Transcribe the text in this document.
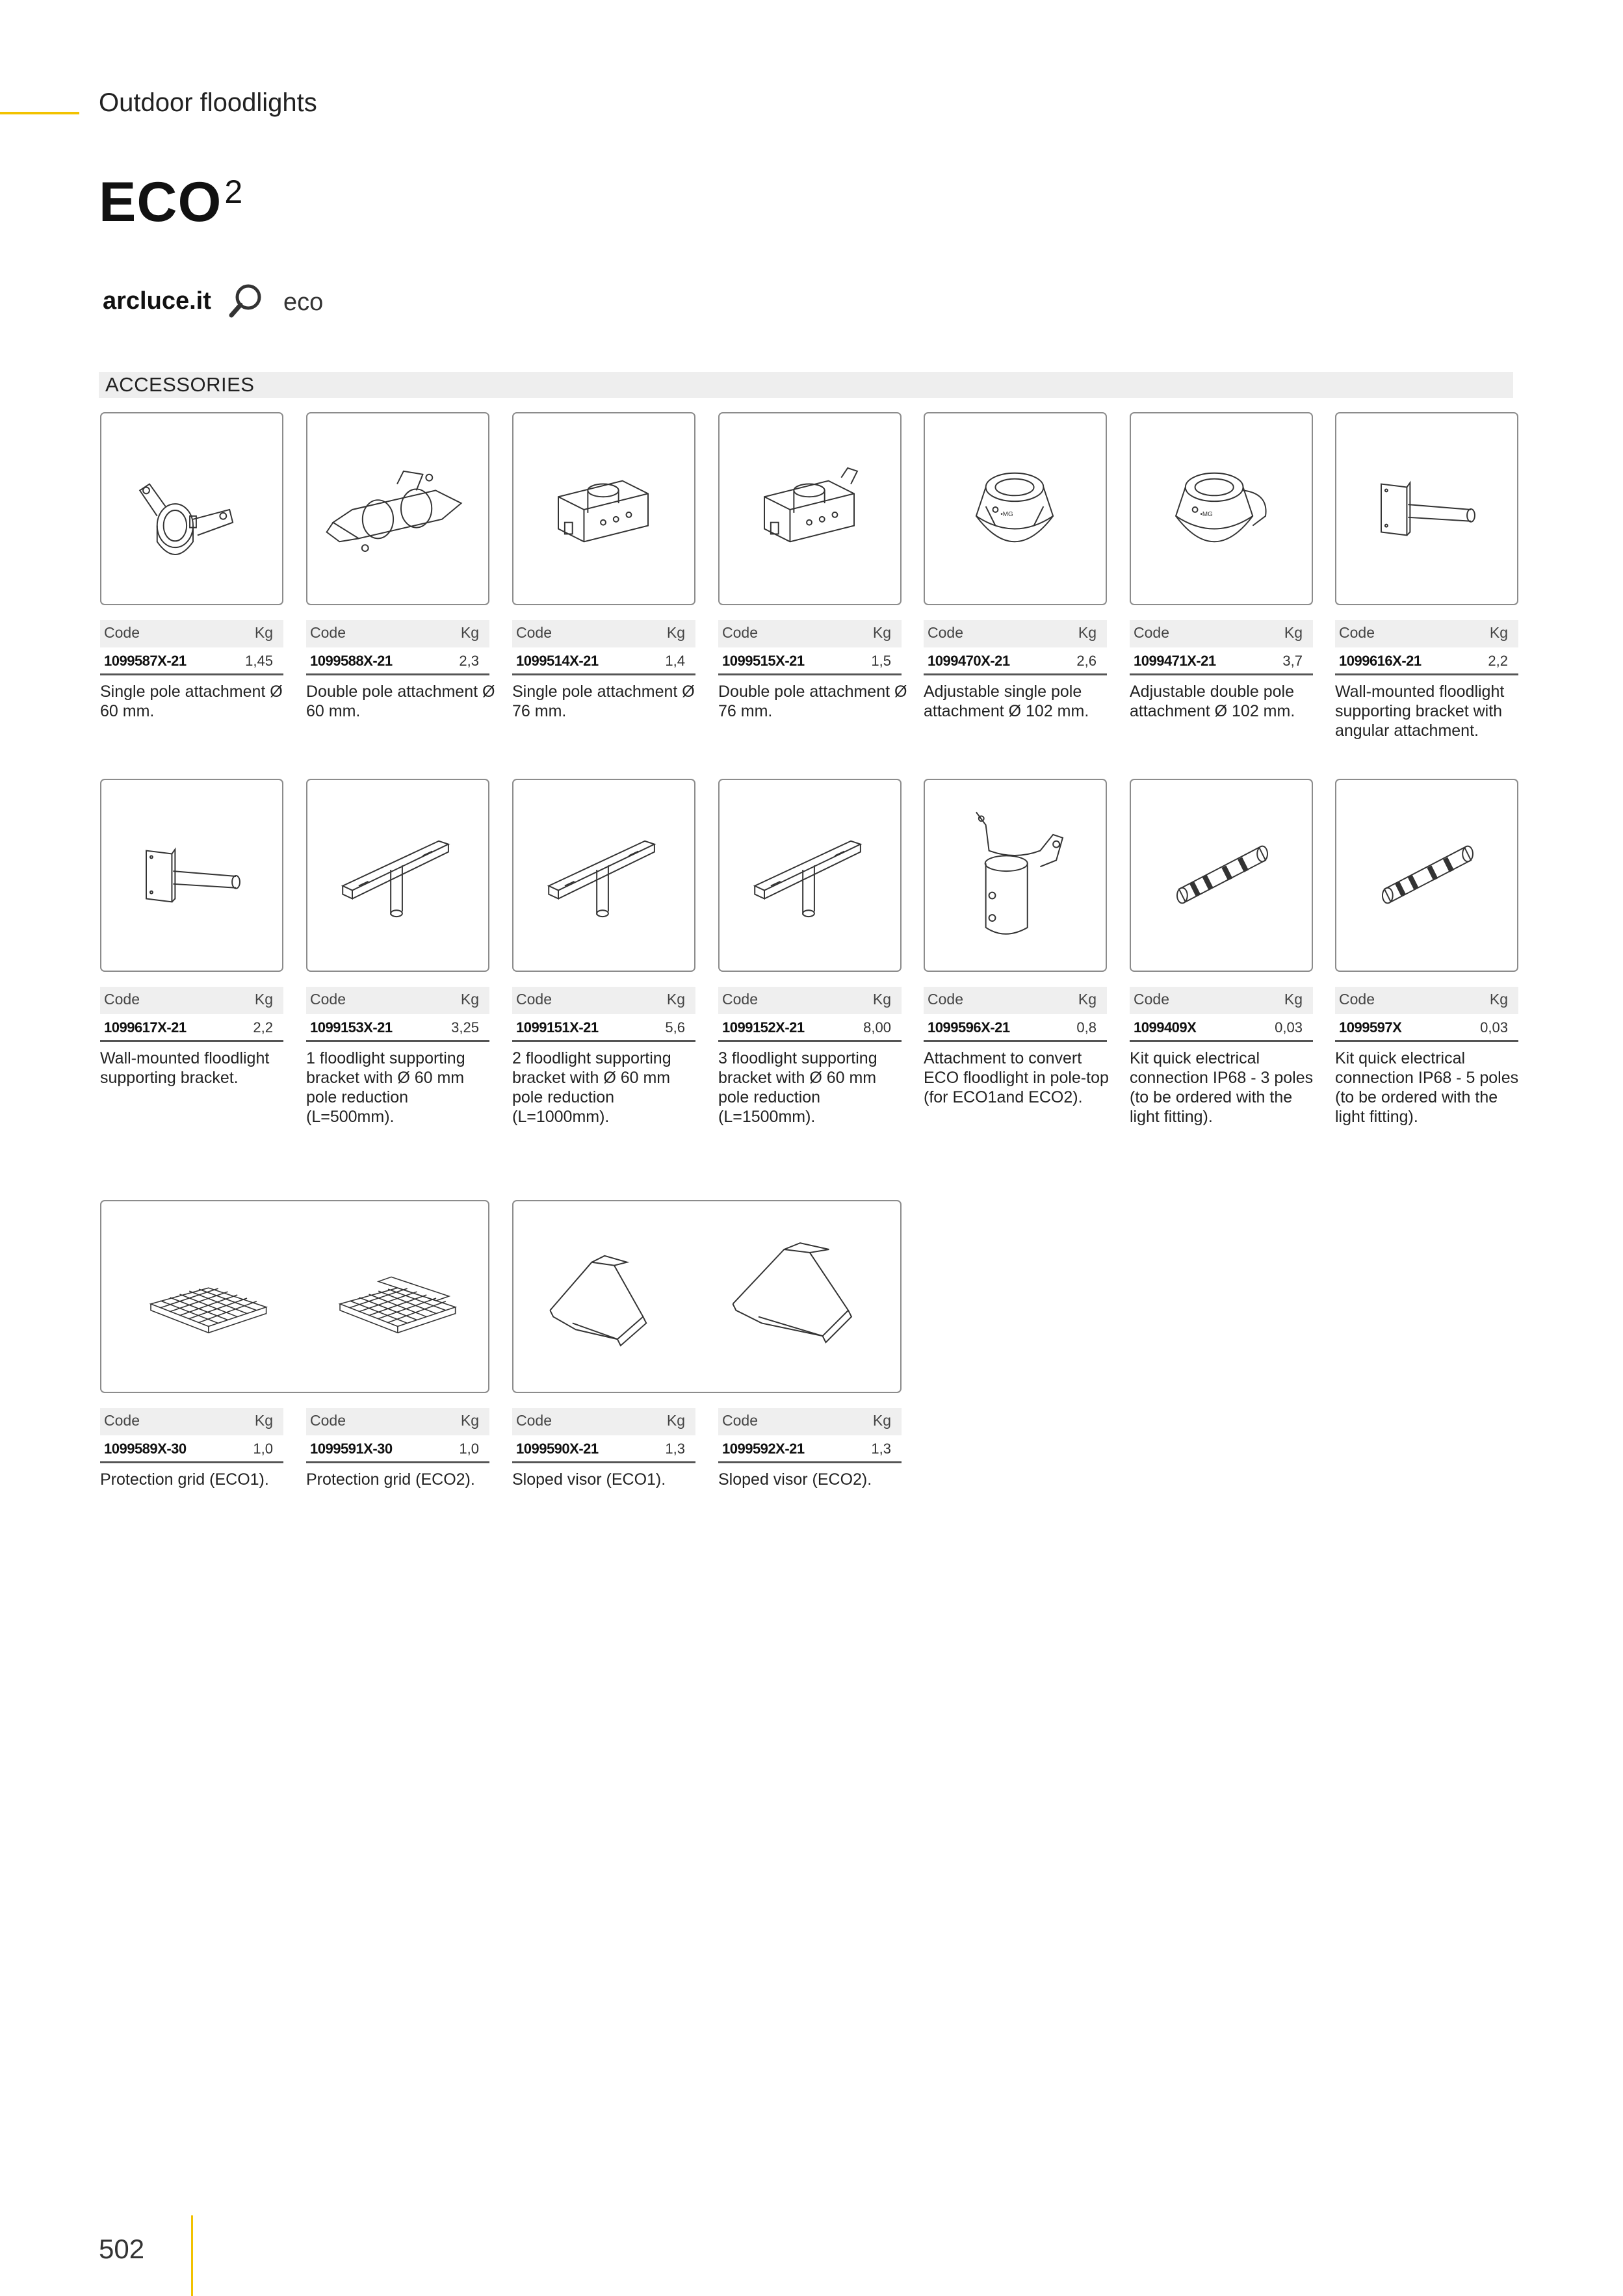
Outdoor floodlights
ECO$^2$
arcluce.it	eco
ACCESSORIES
•MG	•MG
Code	Kg
1099587X-21	1,45
Single pole attachment Ø 60 mm.
Code	Kg
1099588X-21	2,3
Double pole attachment Ø 60 mm.
Code	Kg
1099514X-21	1,4
Single pole attachment Ø 76 mm.
Code	Kg
1099515X-21	1,5
Double pole attachment Ø 76 mm.
Code	Kg
1099470X-21	2,6
Adjustable single pole attachment Ø 102 mm.
Code	Kg
1099471X-21	3,7
Adjustable double pole attachment Ø 102 mm.
Code	Kg
1099616X-21	2,2
Wall-mounted floodlight supporting bracket with angular attachment.
Code	Kg
1099617X-21	2,2
Wall-mounted floodlight supporting bracket.
Code	Kg
1099153X-21	3,25
1 floodlight supporting bracket with Ø 60 mm pole reduction (L=500mm).
Code	Kg
1099151X-21	5,6
2 floodlight supporting bracket with Ø 60 mm pole reduction (L=1000mm).
Code	Kg
1099152X-21	8,00
3 floodlight supporting bracket with Ø 60 mm pole reduction (L=1500mm).
Code	Kg
1099596X-21	0,8
Attachment to convert ECO floodlight in pole-top (for ECO1and ECO2).
Code	Kg
1099409X	0,03
Kit quick electrical connection IP68 - 3 poles (to be ordered with the light fitting).
Code	Kg
1099597X	0,03
Kit quick electrical connection IP68 - 5 poles (to be ordered with the light fitting).
Code	Kg
1099589X-30	1,0
Protection grid (ECO1).
Code	Kg
1099591X-30	1,0
Protection grid (ECO2).
Code	Kg
1099590X-21	1,3
Sloped visor (ECO1).
Code	Kg
1099592X-21	1,3
Sloped visor (ECO2).
502
